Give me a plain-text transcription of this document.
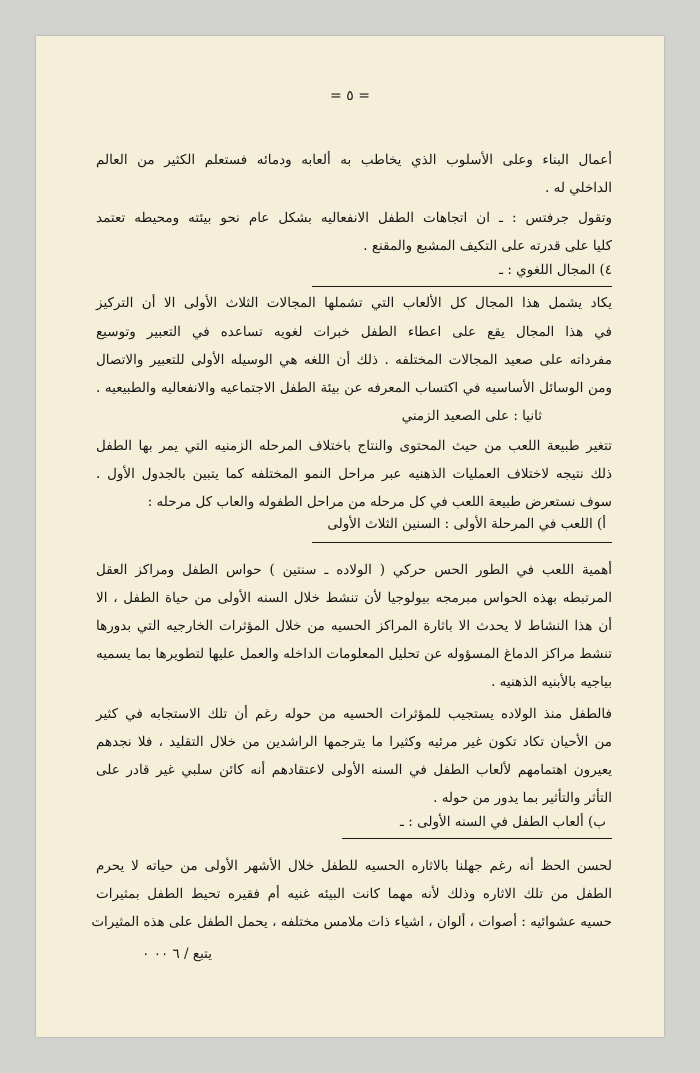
= ٥ =
أعمال البناء وعلى الأسلوب الذي يخاطب به ألعابه ودمائه فستعلم الكثير من العالم
الداخلي له .
وتقول جرفتس : ـ ان اتجاهات الطفل الانفعاليه بشكل عام نحو بيئته ومحيطه تعتمد
كليا على قدرته على التكيف المشبع والمقنع .
٤) المجال اللغوي : ـ
يكاد يشمل هذا المجال كل الألعاب التي تشملها المجالات الثلاث الأولى الا أن التركيز
في هذا المجال يقع على اعطاء الطفل خبرات لغويه تساعده في التعبير وتوسيع
مفرداته على صعيد المجالات المختلفه . ذلك أن اللغه هي الوسيله الأولى للتعبير والاتصال
ومن الوسائل الأساسيه في اكتساب المعرفه عن بيئة الطفل الاجتماعيه والانفعاليه والطبيعيه .
ثانيا : على الصعيد الزمني
تتغير طبيعة اللعب من حيث المحتوى والنتاج باختلاف المرحله الزمنيه التي يمر بها الطفل
ذلك نتيجه لاختلاف العمليات الذهنيه عبر مراحل النمو المختلفه كما يتبين بالجدول الأول .
سوف نستعرض طبيعة اللعب في كل مرحله من مراحل الطفوله والعاب كل مرحله :
أ) اللعب في المرحلة الأولى : السنين الثلاث الأولى
أهمية اللعب في الطور الحس حركي ( الولاده ـ سنتين ) حواس الطفل ومراكز العقل
المرتبطه بهذه الحواس مبرمجه بيولوجيا لأن تنشط خلال السنه الأولى من حياة الطفل ، الا
أن هذا النشاط لا يحدث الا باثارة المراكز الحسيه من خلال المؤثرات الخارجيه التي بدورها
تنشط مراكز الدماغ المسؤوله عن تحليل المعلومات الداخله والعمل عليها لتطويرها بما يسميه
بياجيه بالأبنيه الذهنيه .
فالطفل منذ الولاده يستجيب للمؤثرات الحسيه من حوله رغم أن تلك الاستجابه في كثير
من الأحيان تكاد تكون غير مرئيه وكثيرا ما يترجمها الراشدين من خلال التقليد ، فلا نجدهم
يعيرون اهتمامهم لألعاب الطفل في السنه الأولى لاعتقادهم أنه كائن سلبي غير قادر على
التأثر والتأثير بما يدور من حوله .
ب) ألعاب الطفل في السنه الأولى : ـ
لحسن الحظ أنه رغم جهلنا بالاثاره الحسيه للطفل خلال الأشهر الأولى من حياته لا يحرم
الطفل من تلك الاثاره وذلك لأنه مهما كانت البيئه غنيه أم فقيره تحيط الطفل بمثيرات
حسيه عشوائيه : أصوات ، ألوان ، اشياء ذات ملامس مختلفه ، يحمل الطفل على هذه المثيرات
يتبع / ٦ ٠٠ ٠
